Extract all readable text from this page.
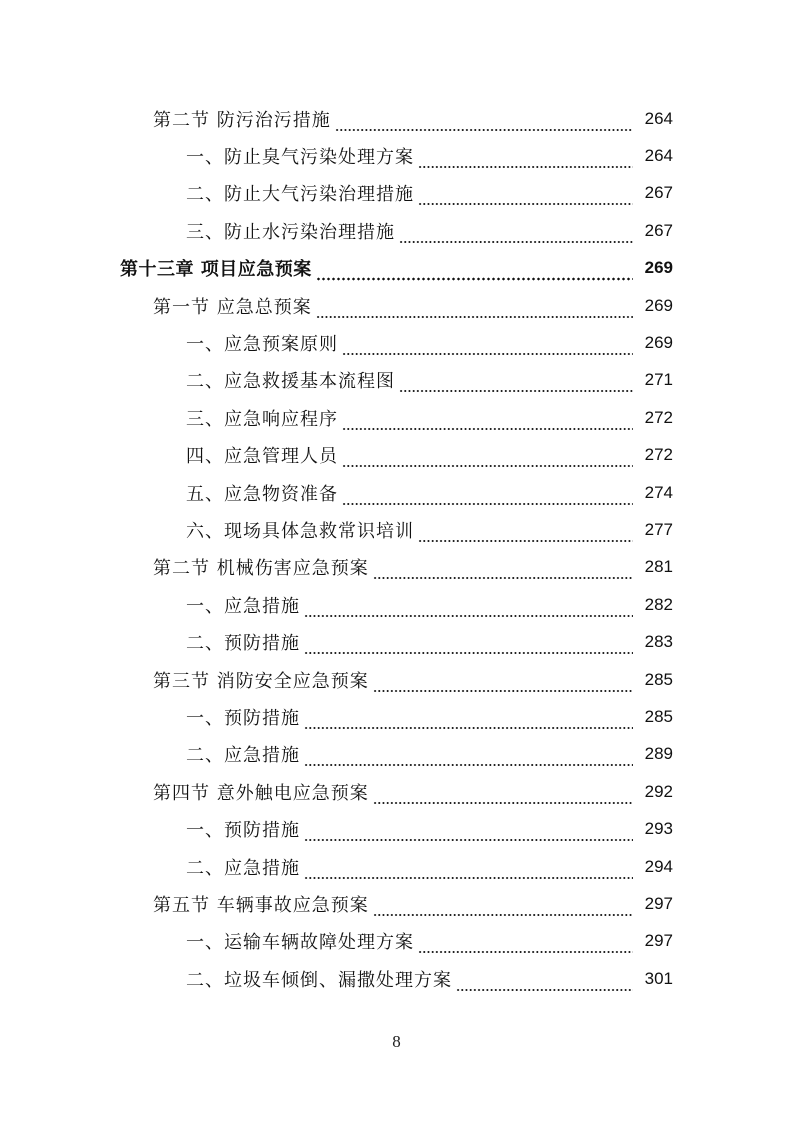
第二节 防污治污措施	264
一、防止臭气污染处理方案	264
二、防止大气污染治理措施	267
三、防止水污染治理措施	267
第十三章 项目应急预案	269
第一节 应急总预案	269
一、应急预案原则	269
二、应急救援基本流程图	271
三、应急响应程序	272
四、应急管理人员	272
五、应急物资准备	274
六、现场具体急救常识培训	277
第二节 机械伤害应急预案	281
一、应急措施	282
二、预防措施	283
第三节 消防安全应急预案	285
一、预防措施	285
二、应急措施	289
第四节 意外触电应急预案	292
一、预防措施	293
二、应急措施	294
第五节 车辆事故应急预案	297
一、运输车辆故障处理方案	297
二、垃圾车倾倒、漏撒处理方案	301
8
